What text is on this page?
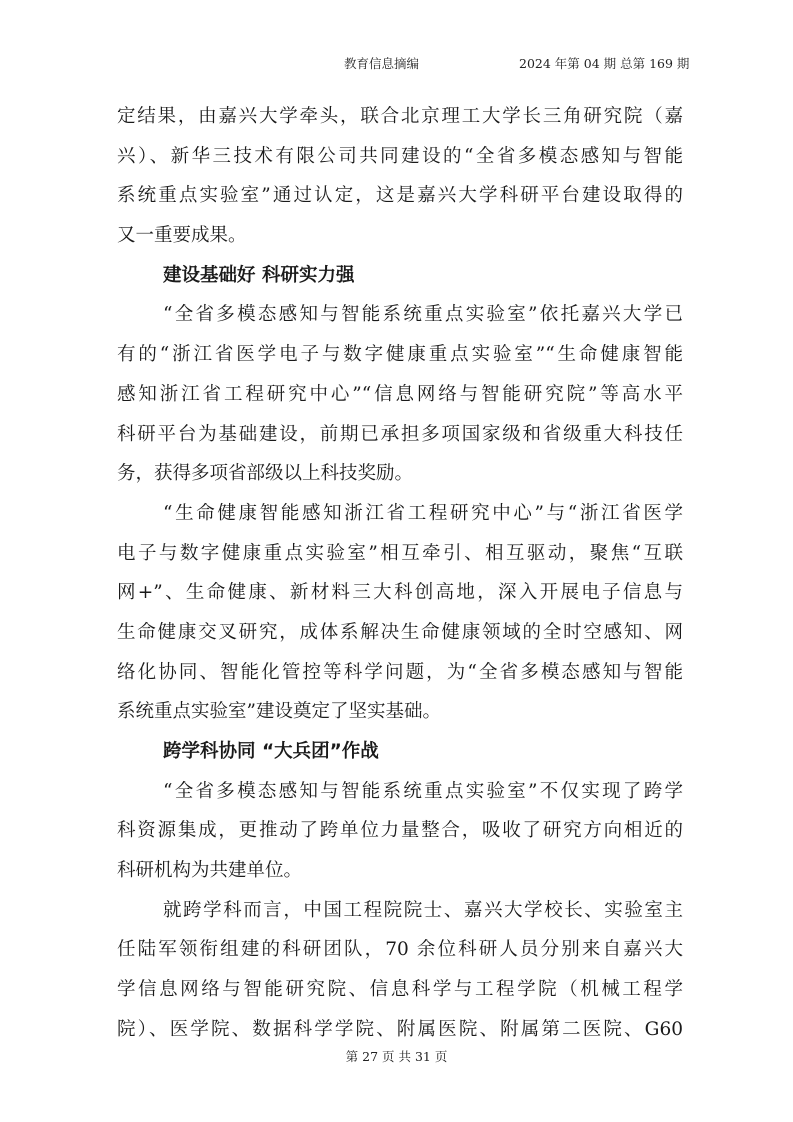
教育信息摘编	2024 年第 04 期 总第 169 期
定结果，由嘉兴大学牵头，联合北京理工大学长三角研究院（嘉
兴）、新华三技术有限公司共同建设的“全省多模态感知与智能
系统重点实验室”通过认定，这是嘉兴大学科研平台建设取得的
又一重要成果。
建设基础好 科研实力强
“全省多模态感知与智能系统重点实验室”依托嘉兴大学已
有的“浙江省医学电子与数字健康重点实验室”“生命健康智能
感知浙江省工程研究中心”“信息网络与智能研究院”等高水平
科研平台为基础建设，前期已承担多项国家级和省级重大科技任
务，获得多项省部级以上科技奖励。
“生命健康智能感知浙江省工程研究中心”与“浙江省医学
电子与数字健康重点实验室”相互牵引、相互驱动，聚焦“互联
网+”、生命健康、新材料三大科创高地，深入开展电子信息与
生命健康交叉研究，成体系解决生命健康领域的全时空感知、网
络化协同、智能化管控等科学问题，为“全省多模态感知与智能
系统重点实验室”建设奠定了坚实基础。
跨学科协同 “大兵团”作战
“全省多模态感知与智能系统重点实验室”不仅实现了跨学
科资源集成，更推动了跨单位力量整合，吸收了研究方向相近的
科研机构为共建单位。
就跨学科而言，中国工程院院士、嘉兴大学校长、实验室主
任陆军领衔组建的科研团队，70 余位科研人员分别来自嘉兴大
学信息网络与智能研究院、信息科学与工程学院（机械工程学
院）、医学院、数据科学学院、附属医院、附属第二医院、G60
第 27 页 共 31 页
